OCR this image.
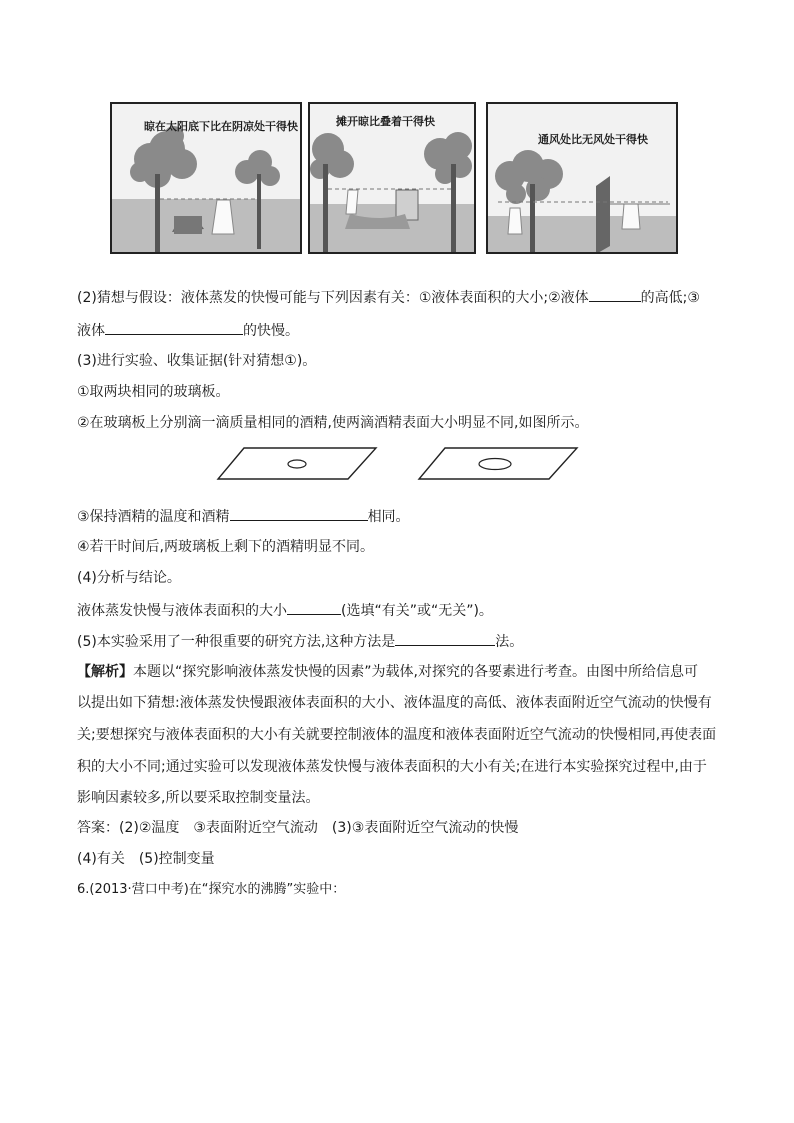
晾在太阳底下比在阴凉处干得快	摊开晾比叠着干得快
通风处比无风处干得快
(2)猜想与假设：液体蒸发的快慢可能与下列因素有关：①液体表面积的大小;②液体	的高低;③
液体	的快慢。
(3)进行实验、收集证据(针对猜想①)。
①取两块相同的玻璃板。
②在玻璃板上分别滴一滴质量相同的酒精,使两滴酒精表面大小明显不同,如图所示。
③保持酒精的温度和酒精	相同。
④若干时间后,两玻璃板上剩下的酒精明显不同。
(4)分析与结论。
液体蒸发快慢与液体表面积的大小	(选填“有关”或“无关”)。
(5)本实验采用了一种很重要的研究方法,这种方法是	法。
【解析】本题以“探究影响液体蒸发快慢的因素”为载体,对探究的各要素进行考查。由图中所给信息可
以提出如下猜想:液体蒸发快慢跟液体表面积的大小、液体温度的高低、液体表面附近空气流动的快慢有
关;要想探究与液体表面积的大小有关就要控制液体的温度和液体表面附近空气流动的快慢相同,再使表面
积的大小不同;通过实验可以发现液体蒸发快慢与液体表面积的大小有关;在进行本实验探究过程中,由于
影响因素较多,所以要采取控制变量法。
答案：(2)②温度　③表面附近空气流动　(3)③表面附近空气流动的快慢
(4)有关　(5)控制变量
6.(2013·营口中考)在“探究水的沸腾”实验中：
